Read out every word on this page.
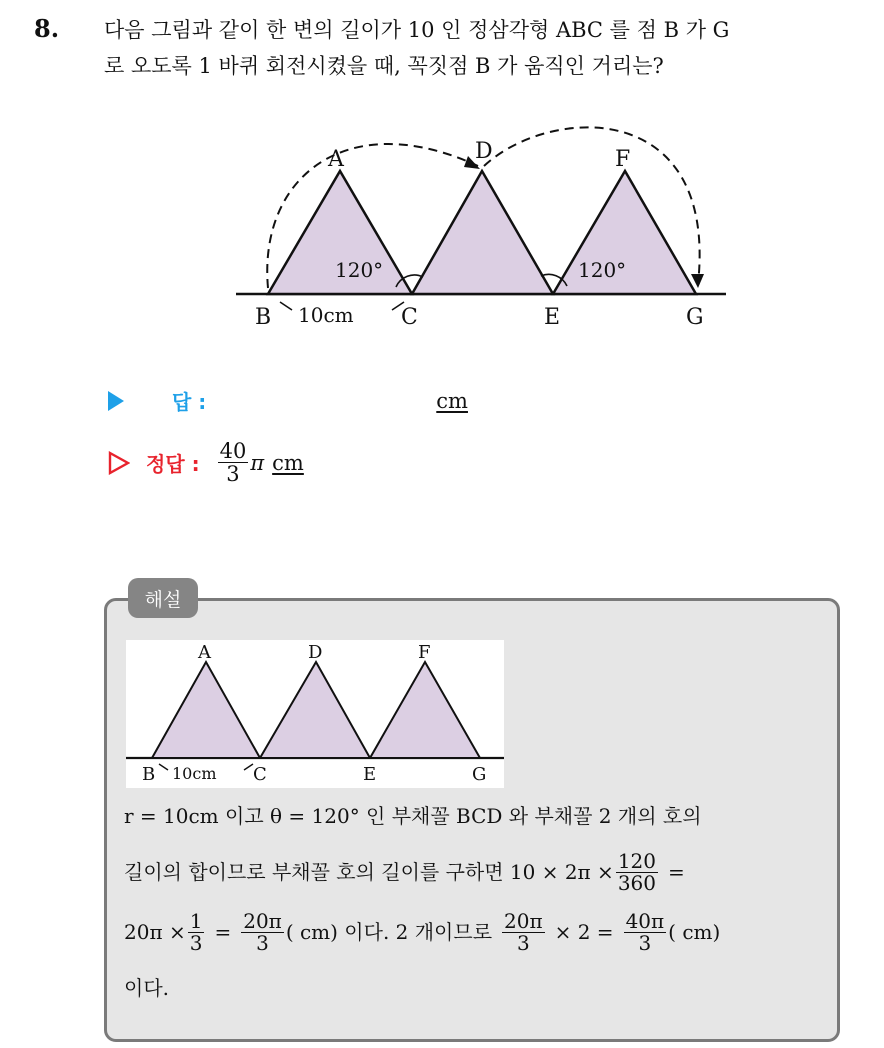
8. 다음 그림과 같이 한 변의 길이가 10 인 정삼각형 ABC 를 점 B 가 G
로 오도록 1 바퀴 회전시켰을 때, 꼭짓점 B 가 움직인 거리는?
A	D	F
B	C	E	G
120°	120°
10cm
답 :	cm
정답 : $\frac{40}{3}$ π cm
해설
A	D	F
B	C	E	G
10cm
r = 10cm 이고 θ = 120° 인 부채꼴 BCD 와 부채꼴 2 개의 호의
길이의 합이므로 부채꼴 호의 길이를 구하면 $10 \times 2\pi \times \frac{120}{360}$ =
$20\pi \times \frac{1}{3} = \frac{20\pi}{3}$ ( cm) 이다. 2 개이므로 $\frac{20\pi}{3} \times 2 = \frac{40\pi}{3}$ ( cm)
이다.
